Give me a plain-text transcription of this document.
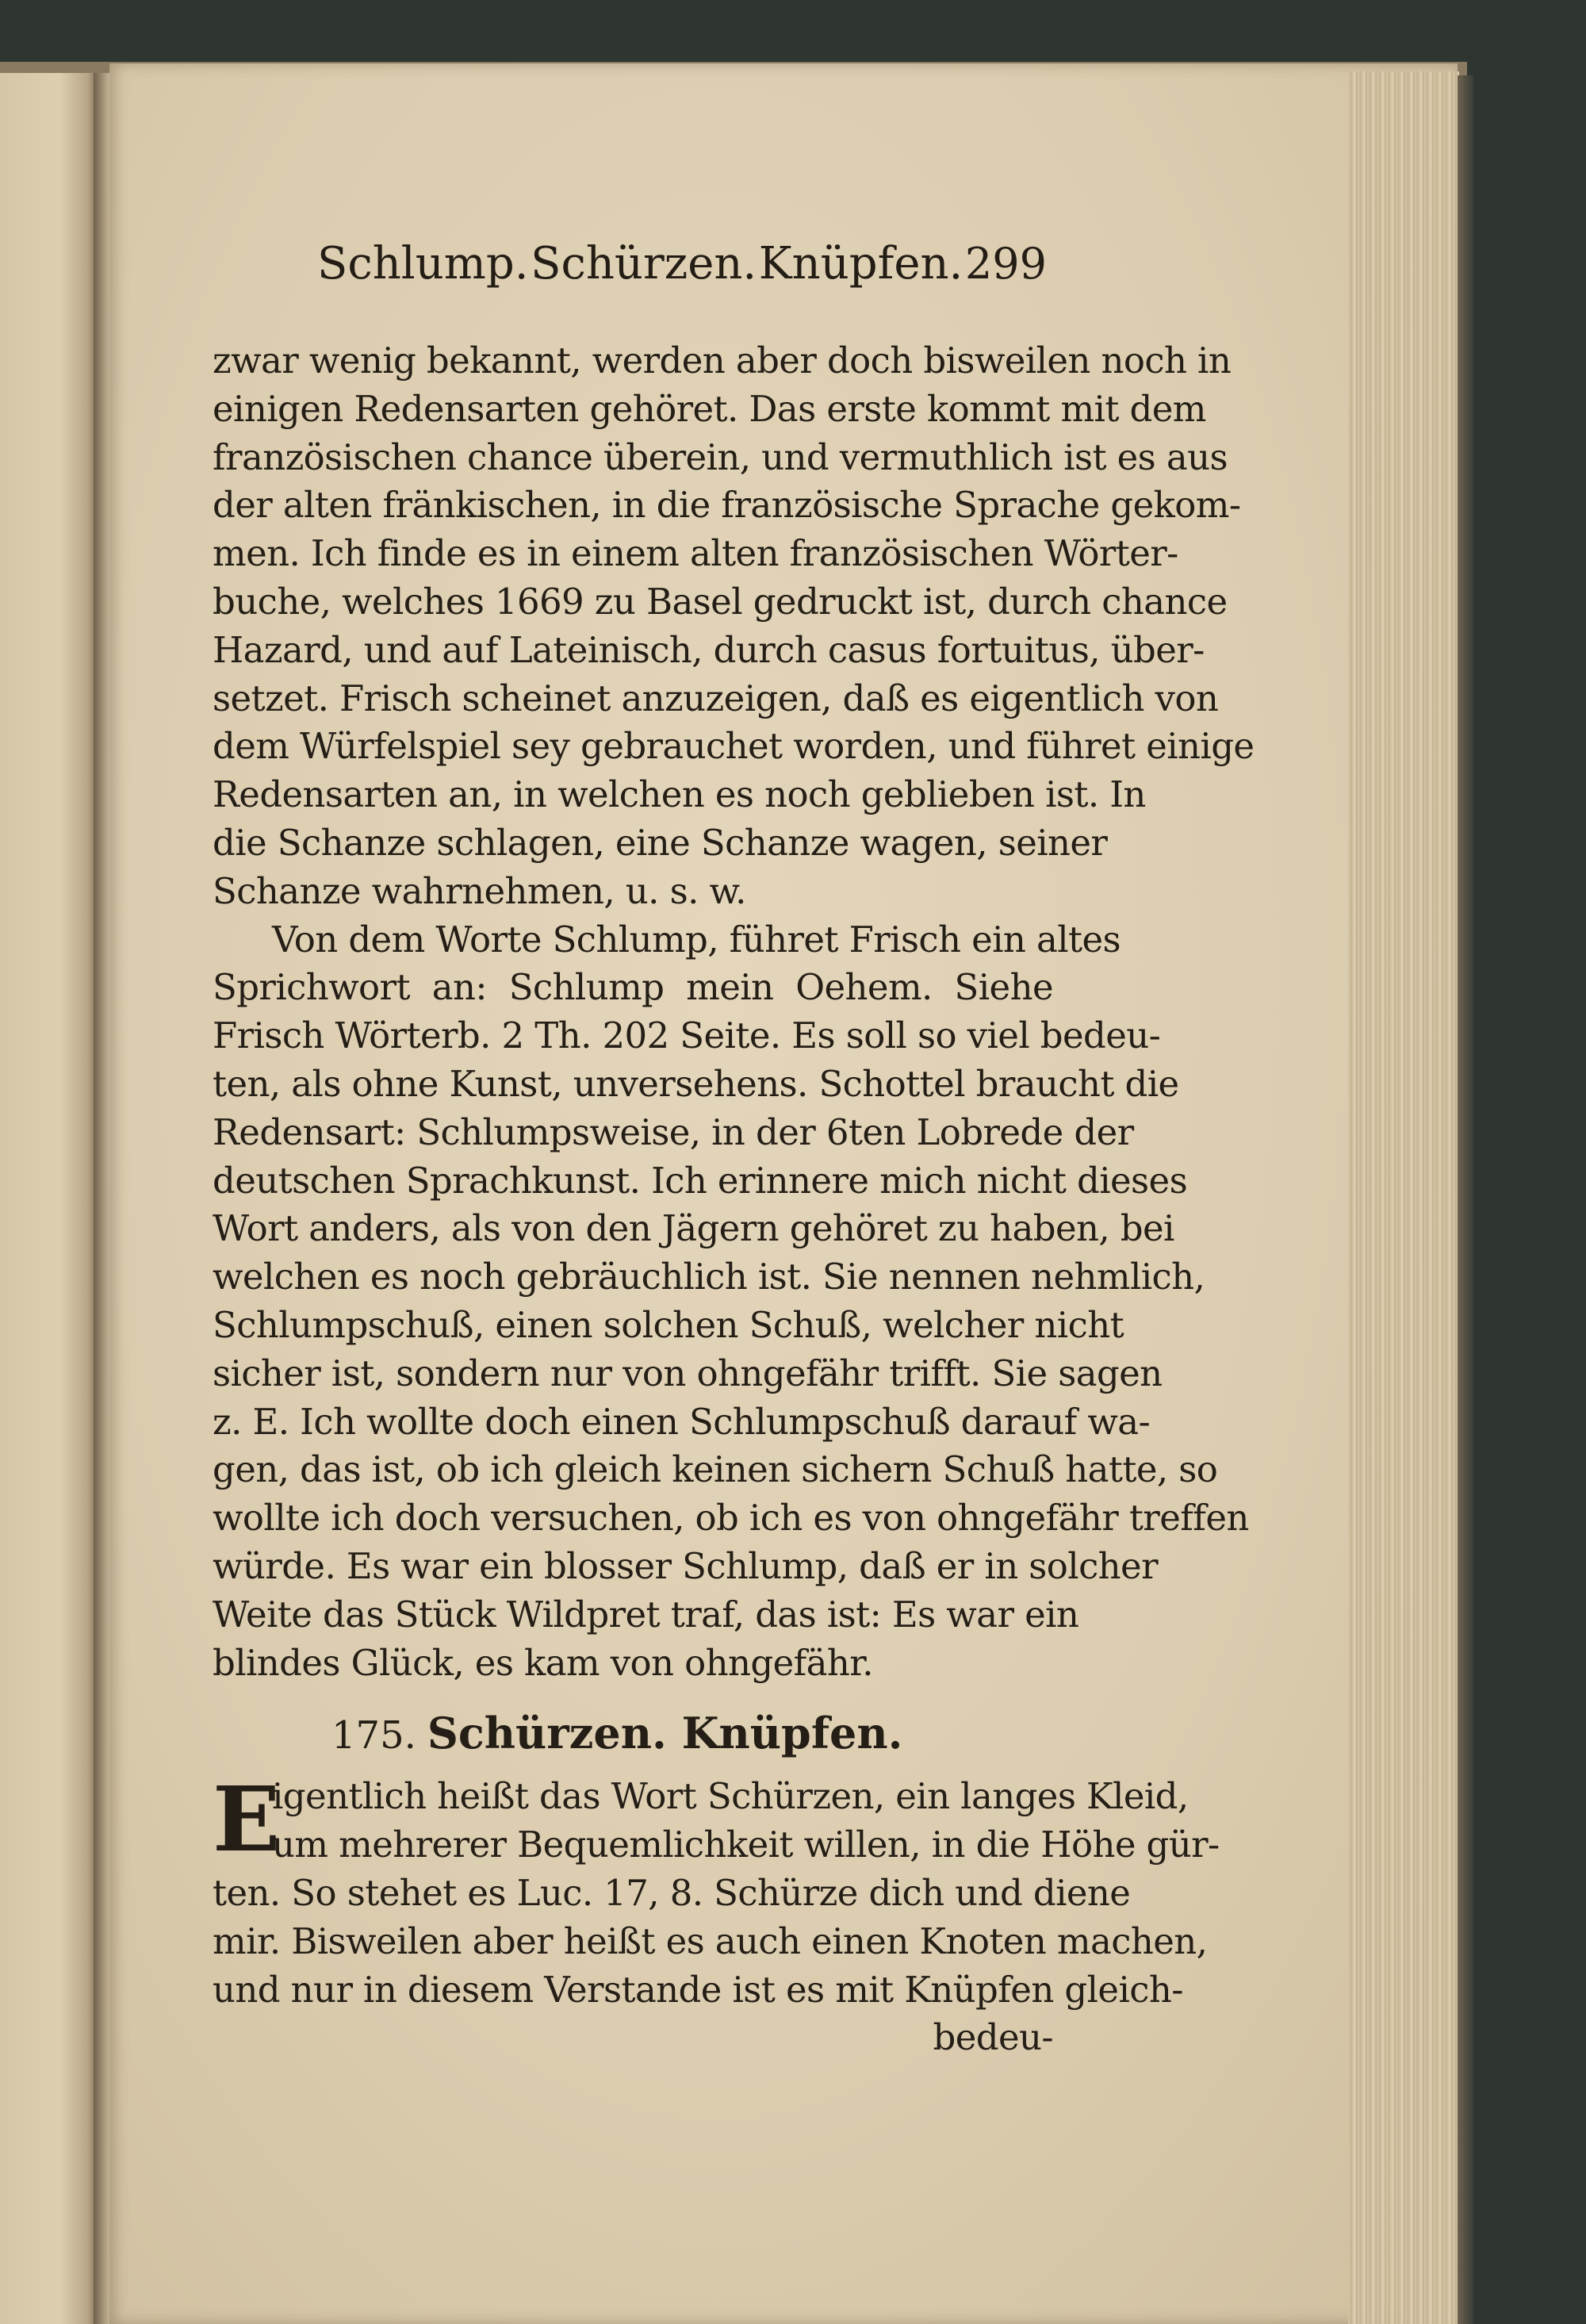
Schlump. Schürzen. Knüpfen. 299
zwar wenig bekannt, werden aber doch bisweilen noch in
einigen Redensarten gehöret. Das erste kommt mit dem
französischen chance überein, und vermuthlich ist es aus
der alten fränkischen, in die französische Sprache gekom-
men. Ich finde es in einem alten französischen Wörter-
buche, welches 1669 zu Basel gedruckt ist, durch chance
Hazard, und auf Lateinisch, durch casus fortuitus, über-
setzet. Frisch scheinet anzuzeigen, daß es eigentlich von
dem Würfelspiel sey gebrauchet worden, und führet einige
Redensarten an, in welchen es noch geblieben ist. In
die Schanze schlagen, eine Schanze wagen, seiner
Schanze wahrnehmen, u. s. w.
Von dem Worte Schlump, führet Frisch ein altes
Sprichwort an: Schlump mein Oehem. Siehe
Frisch Wörterb. 2 Th. 202 Seite. Es soll so viel bedeu-
ten, als ohne Kunst, unversehens. Schottel braucht die
Redensart: Schlumpsweise, in der 6ten Lobrede der
deutschen Sprachkunst. Ich erinnere mich nicht dieses
Wort anders, als von den Jägern gehöret zu haben, bei
welchen es noch gebräuchlich ist. Sie nennen nehmlich,
Schlumpschuß, einen solchen Schuß, welcher nicht
sicher ist, sondern nur von ohngefähr trifft. Sie sagen
z. E. Ich wollte doch einen Schlumpschuß darauf wa-
gen, das ist, ob ich gleich keinen sichern Schuß hatte, so
wollte ich doch versuchen, ob ich es von ohngefähr treffen
würde. Es war ein blosser Schlump, daß er in solcher
Weite das Stück Wildpret traf, das ist: Es war ein
blindes Glück, es kam von ohngefähr.
175. Schürzen. Knüpfen.
E
igentlich heißt das Wort Schürzen, ein langes Kleid,
um mehrerer Bequemlichkeit willen, in die Höhe gür-
ten. So stehet es Luc. 17, 8. Schürze dich und diene
mir. Bisweilen aber heißt es auch einen Knoten machen,
und nur in diesem Verstande ist es mit Knüpfen gleich-
bedeu-
